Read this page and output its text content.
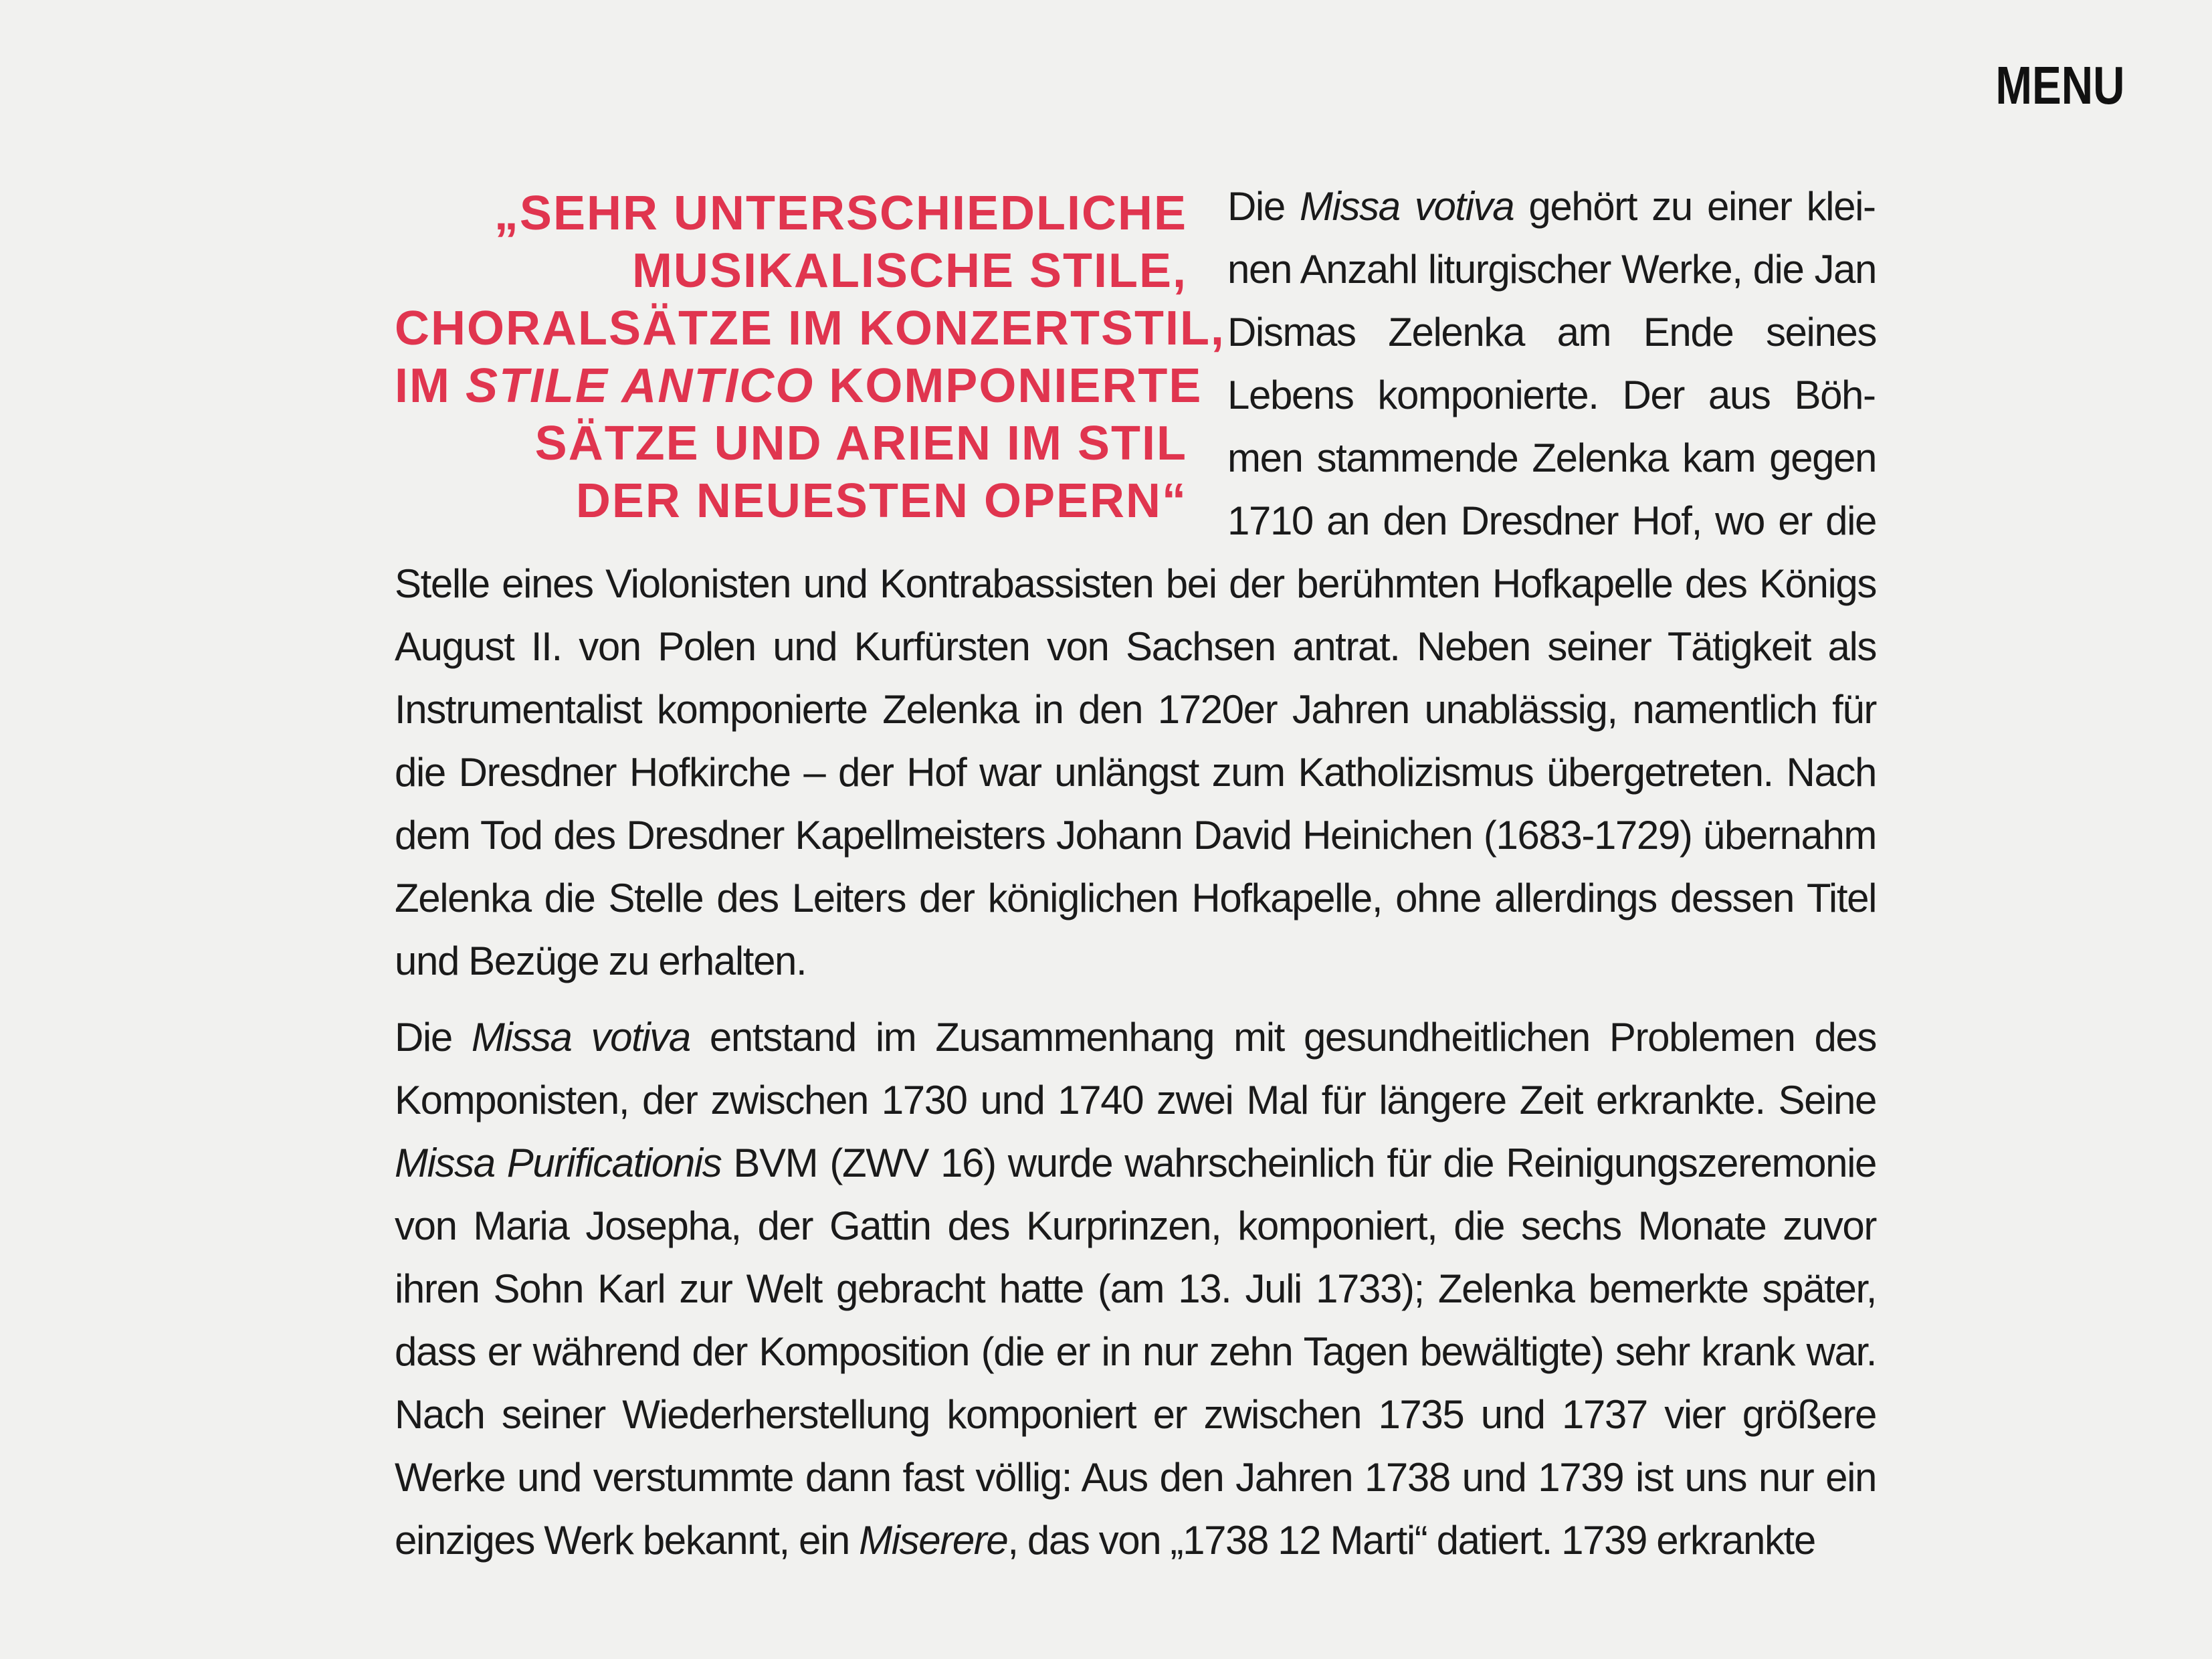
MENU
„SEHR UNTERSCHIEDLICHE
MUSIKALISCHE STILE,
CHORALSÄTZE IM KONZERTSTIL,
IM STILE ANTICO KOMPONIERTE
SÄTZE UND ARIEN IM STIL
DER NEUESTEN OPERN“

Die Missa votiva gehört zu einer kleinen Anzahl liturgischer Werke, die Jan Dismas Zelenka am Ende seines Lebens komponierte. Der aus Böhmen stammende Zelenka kam gegen 1710 an den Dresdner Hof, wo er die Stelle eines Violonisten und Kontrabassisten bei der berühmten Hofkapelle des Königs August II. von Polen und Kurfürsten von Sachsen antrat. Neben seiner Tätigkeit als Instrumentalist komponierte Zelenka in den 1720er Jahren unablässig, namentlich für die Dresdner Hofkirche – der Hof war unlängst zum Katholizismus übergetreten. Nach dem Tod des Dresdner Kapellmeisters Johann David Heinichen (1683-1729) übernahm Zelenka die Stelle des Leiters der königlichen Hofkapelle, ohne allerdings dessen Titel und Bezüge zu erhalten.

Die Missa votiva entstand im Zusammenhang mit gesundheitlichen Problemen des Komponisten, der zwischen 1730 und 1740 zwei Mal für längere Zeit erkrankte. Seine Missa Purificationis BVM (ZWV 16) wurde wahrscheinlich für die Reinigungszeremonie von Maria Josepha, der Gattin des Kurprinzen, komponiert, die sechs Monate zuvor ihren Sohn Karl zur Welt gebracht hatte (am 13. Juli 1733); Zelenka bemerkte später, dass er während der Komposition (die er in nur zehn Tagen bewältigte) sehr krank war. Nach seiner Wiederherstellung komponiert er zwischen 1735 und 1737 vier größere Werke und verstummte dann fast völlig: Aus den Jahren 1738 und 1739 ist uns nur ein einziges Werk bekannt, ein Miserere, das von „1738 12 Marti“ datiert. 1739 erkrankte
